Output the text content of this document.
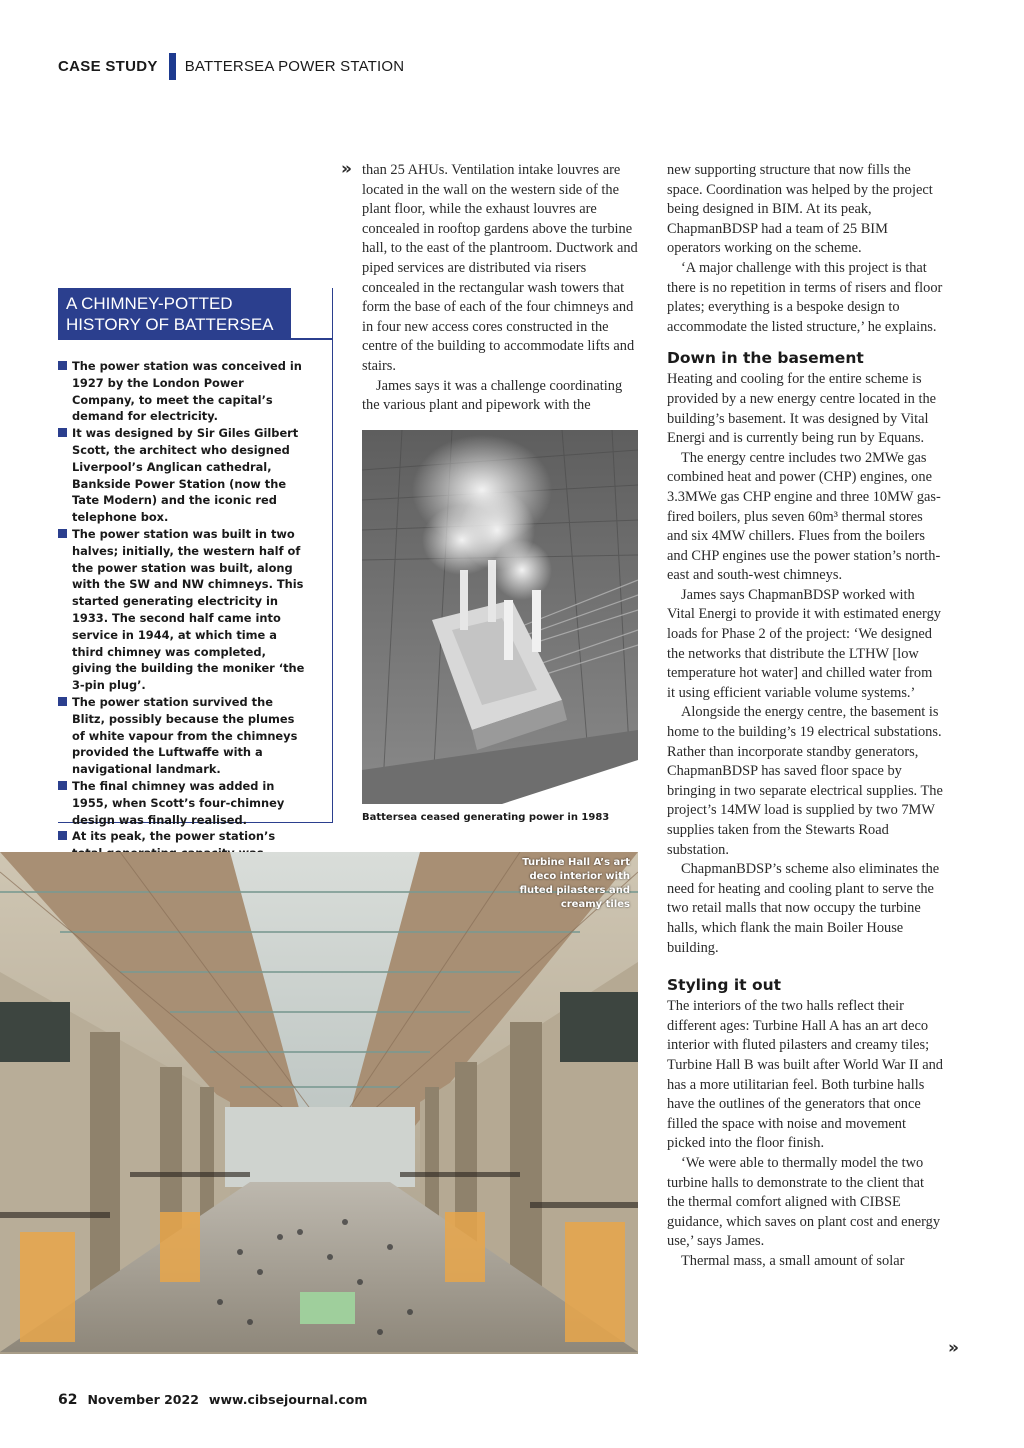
CASE STUDY BATTERSEA POWER STATION
A CHIMNEY-POTTED HISTORY OF BATTERSEA
The power station was conceived in 1927 by the London Power Company, to meet the capital’s demand for electricity.
It was designed by Sir Giles Gilbert Scott, the architect who designed Liverpool’s Anglican cathedral, Bankside Power Station (now the Tate Modern) and the iconic red telephone box.
The power station was built in two halves; initially, the western half of the power station was built, along with the SW and NW chimneys. This started generating electricity in 1933. The second half came into service in 1944, at which time a third chimney was completed, giving the building the moniker ‘the 3-pin plug’.
The power station survived the Blitz, possibly because the plumes of white vapour from the chimneys provided the Luftwaffe with a navigational landmark.
The final chimney was added in 1955, when Scott’s four-chimney design was finally realised.
At its peak, the power station’s
» than 25 AHUs. Ventilation intake louvres are located in the wall on the western side of the plant floor, while the exhaust louvres are concealed in rooftop gardens above the turbine hall, to the east of the plantroom. Ductwork and piped services are distributed via risers concealed in the rectangular wash towers that form the base of each of the four chimneys and in four new access cores constructed in the centre of the building to accommodate lifts and stairs.

James says it was a challenge coordinating the various plant and pipework with the

Battersea ceased generating power in 1983
Turbine Hall A’s art deco interior with fluted pilasters and creamy tiles

new supporting structure that now fills the space. Coordination was helped by the project being designed in BIM. At its peak, ChapmanBDSP had a team of 25 BIM operators working on the scheme.

‘A major challenge with this project is that there is no repetition in terms of risers and floor plates; everything is a bespoke design to accommodate the listed structure,’ he explains.

Down in the basement

Heating and cooling for the entire scheme is provided by a new energy centre located in the building’s basement. It was designed by Vital Energi and is currently being run by Equans.

The energy centre includes two 2MWe gas combined heat and power (CHP) engines, one 3.3MWe gas CHP engine and three 10MW gas-fired boilers, plus seven 60m³ thermal stores and six 4MW chillers. Flues from the boilers and CHP engines use the power station’s north-east and south-west chimneys.

James says ChapmanBDSP worked with Vital Energi to provide it with estimated energy loads for Phase 2 of the project: ‘We designed the networks that distribute the LTHW [low temperature hot water] and chilled water from it using efficient variable volume systems.’

Alongside the energy centre, the basement is home to the building’s 19 electrical substations. Rather than incorporate standby generators, ChapmanBDSP has saved floor space by bringing in two separate electrical supplies. The project’s 14MW load is supplied by two 7MW supplies taken from the Stewarts Road substation.

ChapmanBDSP’s scheme also eliminates the need for heating and cooling plant to serve the two retail malls that now occupy the turbine halls, which flank the main Boiler House building.

Styling it out

The interiors of the two halls reflect their different ages: Turbine Hall A has an art deco interior with fluted pilasters and creamy tiles; Turbine Hall B was built after World War II and has a more utilitarian feel. Both turbine halls have the outlines of the generators that once filled the space with noise and movement picked into the floor finish.

‘We were able to thermally model the two turbine halls to demonstrate to the client that the thermal comfort aligned with CIBSE guidance, which saves on plant cost and energy use,’ says James.

Thermal mass, a small amount of solar

»
62 November 2022 www.cibsejournal.com
